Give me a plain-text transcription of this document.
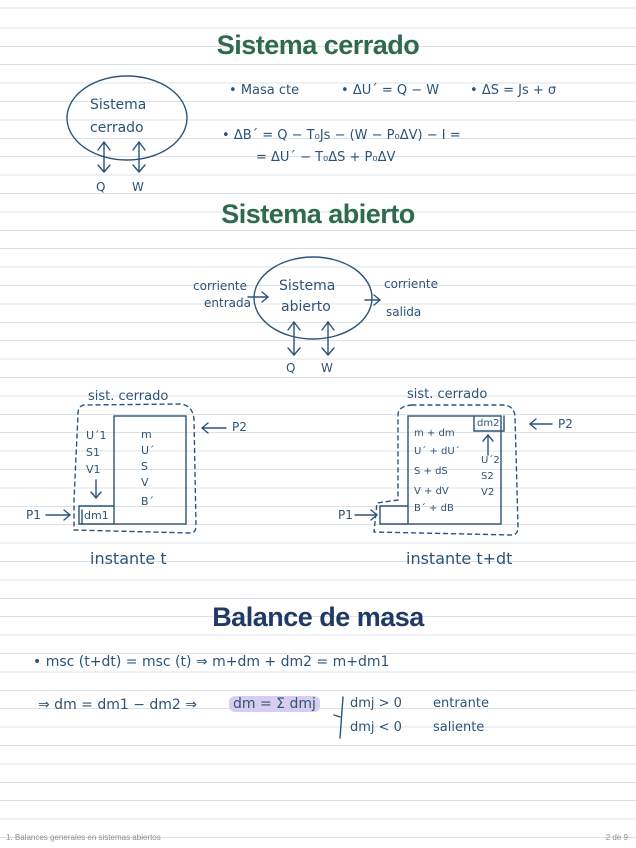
Sistema cerrado
Sistema
cerrado
Q W
• Masa cte	• ΔU´ = Q − W • ΔS = Js + σ
• ΔB´ = Q − T₀Js − (W − P₀ΔV) − I =
= ΔU´ − T₀ΔS + P₀ΔV
Sistema abierto
corriente
entrada
Sistema
abierto
corriente
salida
Q W
sist. cerrado
U´1
S1
V1
m
U´
S
V
B´
dm1
P1
P2
instante t
sist. cerrado
m + dm
U´ + dU´
S + dS
V + dV
B´ + dB
dm2
U´2
S2
V2
P1
P2
instante t+dt
Balance de masa
• msc (t+dt) = msc (t) ⇒ m+dm + dm2 = m+dm1
⇒ dm = dm1 − dm2 ⇒	dm = Σ dmj	dmj > 0 entrante
dmj < 0 saliente
1. Balances generales en sistemas abiertos	2 de 9
